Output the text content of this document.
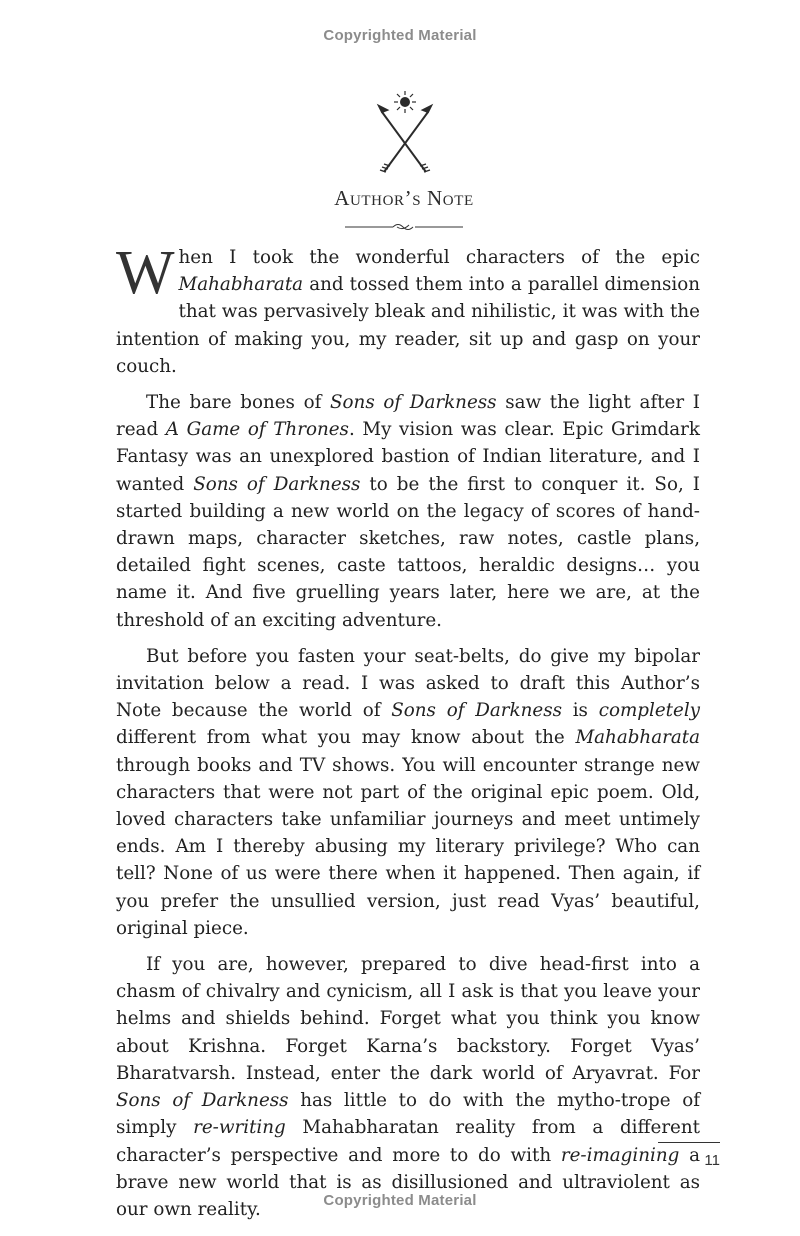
Copyrighted Material
Author’s Note

When I took the wonderful characters of the epic Mahabharata and tossed them into a parallel dimension that was pervasively bleak and nihilistic, it was with the intention of making you, my reader, sit up and gasp on your couch.

The bare bones of Sons of Darkness saw the light after I read A Game of Thrones. My vision was clear. Epic Grimdark Fantasy was an unexplored bastion of Indian literature, and I wanted Sons of Darkness to be the first to conquer it. So, I started building a new world on the legacy of scores of hand-drawn maps, character sketches, raw notes, castle plans, detailed fight scenes, caste tattoos, heraldic designs… you name it. And five gruelling years later, here we are, at the threshold of an exciting adventure.

But before you fasten your seat-belts, do give my bipolar invitation below a read. I was asked to draft this Author’s Note because the world of Sons of Darkness is completely different from what you may know about the Mahabharata through books and TV shows. You will encounter strange new characters that were not part of the original epic poem. Old, loved characters take unfamiliar journeys and meet untimely ends. Am I thereby abusing my literary privilege? Who can tell? None of us were there when it happened. Then again, if you prefer the unsullied version, just read Vyas’ beautiful, original piece.

If you are, however, prepared to dive head-first into a chasm of chivalry and cynicism, all I ask is that you leave your helms and shields behind. Forget what you think you know about Krishna. Forget Karna’s backstory. Forget Vyas’ Bharatvarsh. Instead, enter the dark world of Aryavrat. For Sons of Darkness has little to do with the mytho-trope of simply re-writing Mahabharatan reality from a different character’s perspective and more to do with re-imagining a brave new world that is as disillusioned and ultraviolent as our own reality.

11
Copyrighted Material
